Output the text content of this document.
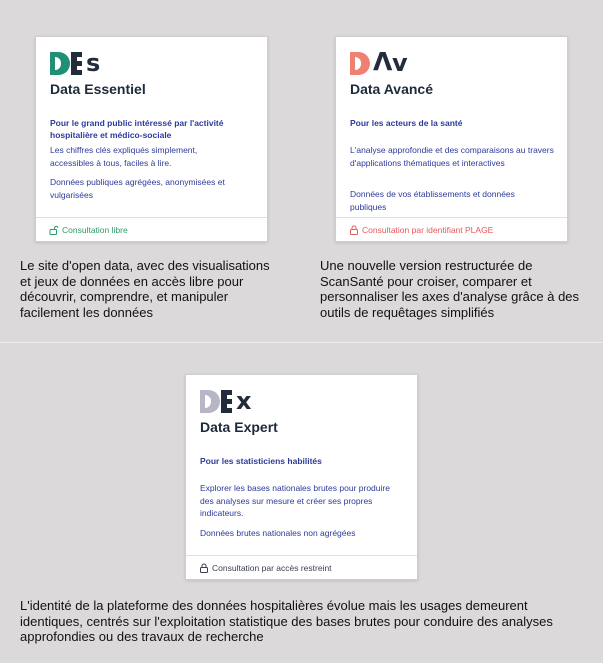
s
Data Essentiel
Pour le grand public intéressé par l'activité hospitalière et médico-sociale
Les chiffres clés expliqués simplement, accessibles à tous, faciles à lire.
Données publiques agrégées, anonymisées et vulgarisées
Consultation libre
v
Λ
Data Avancé
Pour les acteurs de la santé
L'analyse approfondie et des comparaisons au travers d'applications thématiques et interactives
Données de vos établissements et données publiques
Consultation par identifiant PLAGE
x
Data Expert
Pour les statisticiens habilités
Explorer les bases nationales brutes pour produire des analyses sur mesure et créer ses propres indicateurs.
Données brutes nationales non agrégées
Consultation par accès restreint
Le site d'open data, avec des visualisations et jeux de données en accès libre pour découvrir, comprendre, et manipuler facilement les données
Une nouvelle version restructurée de ScanSanté pour croiser, comparer et personnaliser les axes d'analyse grâce à des outils de requêtages simplifiés
L'identité de la plateforme des données hospitalières évolue mais les usages demeurent identiques, centrés sur l'exploitation statistique des bases brutes pour conduire des analyses approfondies ou des travaux de recherche
